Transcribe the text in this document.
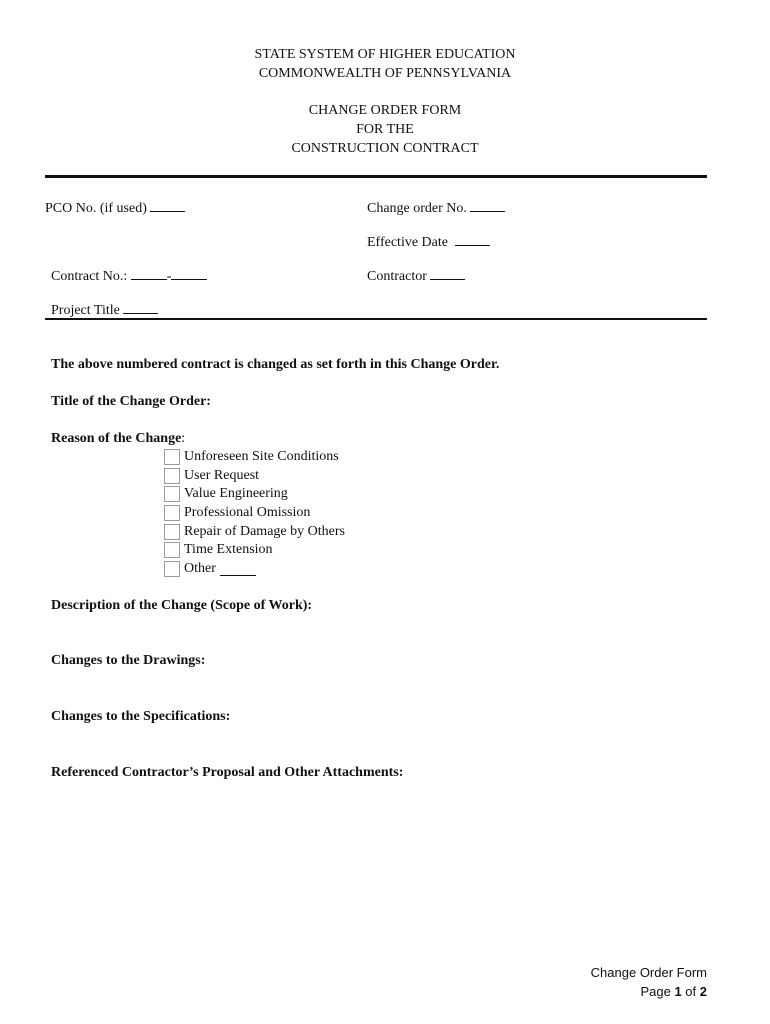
STATE SYSTEM OF HIGHER EDUCATION
COMMONWEALTH OF PENNSYLVANIA
CHANGE ORDER FORM
FOR THE
CONSTRUCTION CONTRACT
PCO No. (if used)	Change order No.
Effective Date
Contract No.:	-	Contractor
Project Title
The above numbered contract is changed as set forth in this Change Order.
Title of the Change Order:
Reason of the Change:
Unforeseen Site Conditions
User Request
Value Engineering
Professional Omission
Repair of Damage by Others
Time Extension
Other
Description of the Change (Scope of Work):
Changes to the Drawings:
Changes to the Specifications:
Referenced Contractor’s Proposal and Other Attachments:
Change Order Form
Page 1 of 2
